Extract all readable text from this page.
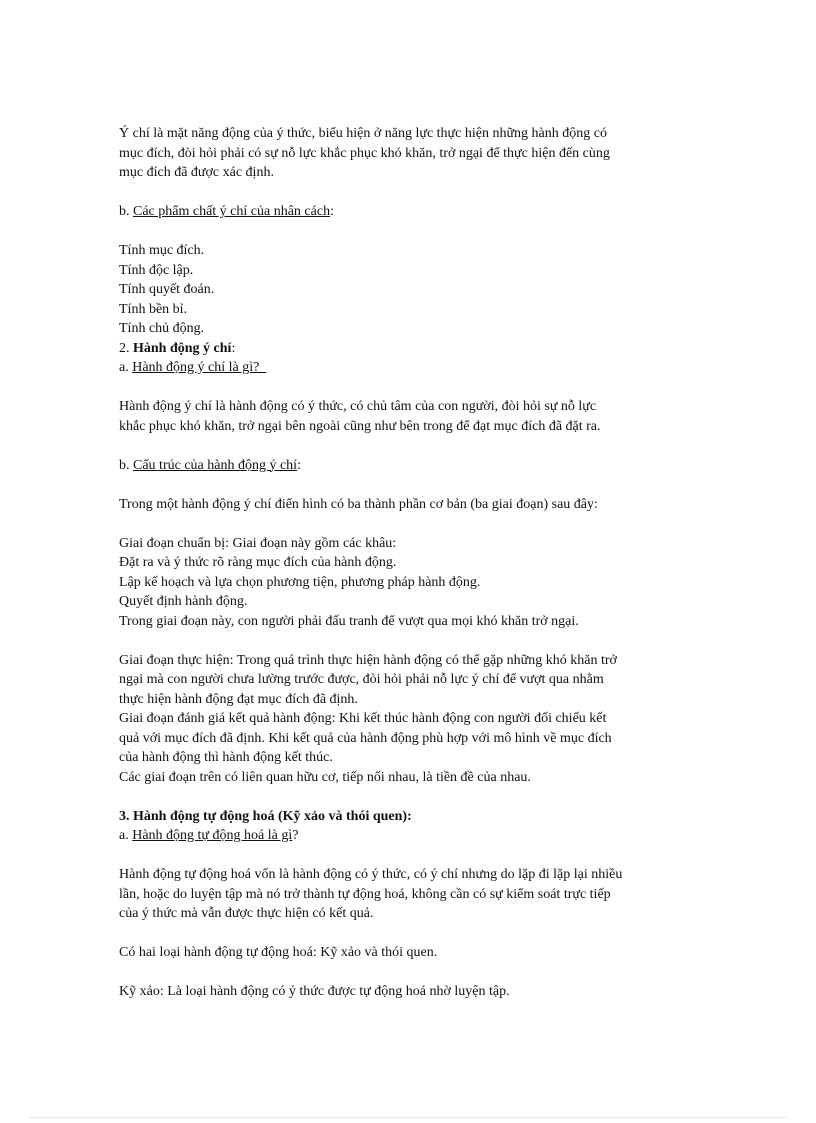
Ý chí là mặt năng động của ý thức, biểu hiện ở năng lực thực hiện những hành động có

mục đích, đòi hỏi phải có sự nỗ lực khắc phục khó khăn, trở ngại để thực hiện đến cùng

mục đích đã được xác định.

b. Các phẩm chất ý chí của nhân cách:

Tính mục đích.

Tính độc lập.

Tính quyết đoán.

Tính bền bỉ.

Tính chủ động.

2. Hành động ý chí:

a. Hành động ý chí là gì?

Hành động ý chí là hành động có ý thức, có chủ tâm của con người, đòi hỏi sự nỗ lực

khắc phục khó khăn, trở ngại bên ngoài cũng như bên trong để đạt mục đích đã đặt ra.

b. Cấu trúc của hành động ý chí:

Trong một hành động ý chí điển hình có ba thành phần cơ bản (ba giai đoạn) sau đây:

Giai đoạn chuẩn bị: Giai đoạn này gồm các khâu:

Đặt ra và ý thức rõ ràng mục đích của hành động.

Lập kế hoạch và lựa chọn phương tiện, phương pháp hành động.

Quyết định hành động.

Trong giai đoạn này, con người phải đấu tranh để vượt qua mọi khó khăn trở ngại.

Giai đoạn thực hiện: Trong quá trình thực hiện hành động có thể gặp những khó khăn trở

ngại mà con người chưa lường trước được, đòi hỏi phải nỗ lực ý chí để vượt qua nhằm

thực hiện hành động đạt mục đích đã định.

Giai đoạn đánh giá kết quả hành động: Khi kết thúc hành động con người đối chiếu kết

quả với mục đích đã định. Khi kết quả của hành động phù hợp với mô hình về mục đích

của hành động thì hành động kết thúc.

Các giai đoạn trên có liên quan hữu cơ, tiếp nối nhau, là tiền đề của nhau.

3. Hành động tự động hoá (Kỹ xảo và thói quen):

a. Hành động tự động hoá là gì?

Hành động tự động hoá vốn là hành động có ý thức, có ý chí nhưng do lặp đi lặp lại nhiều

lần, hoặc do luyện tập mà nó trở thành tự động hoá, không cần có sự kiểm soát trực tiếp

của ý thức mà vẫn được thực hiện có kết quả.

Có hai loại hành động tự động hoá: Kỹ xảo và thói quen.

Kỹ xảo: Là loại hành động có ý thức được tự động hoá nhờ luyện tập.
